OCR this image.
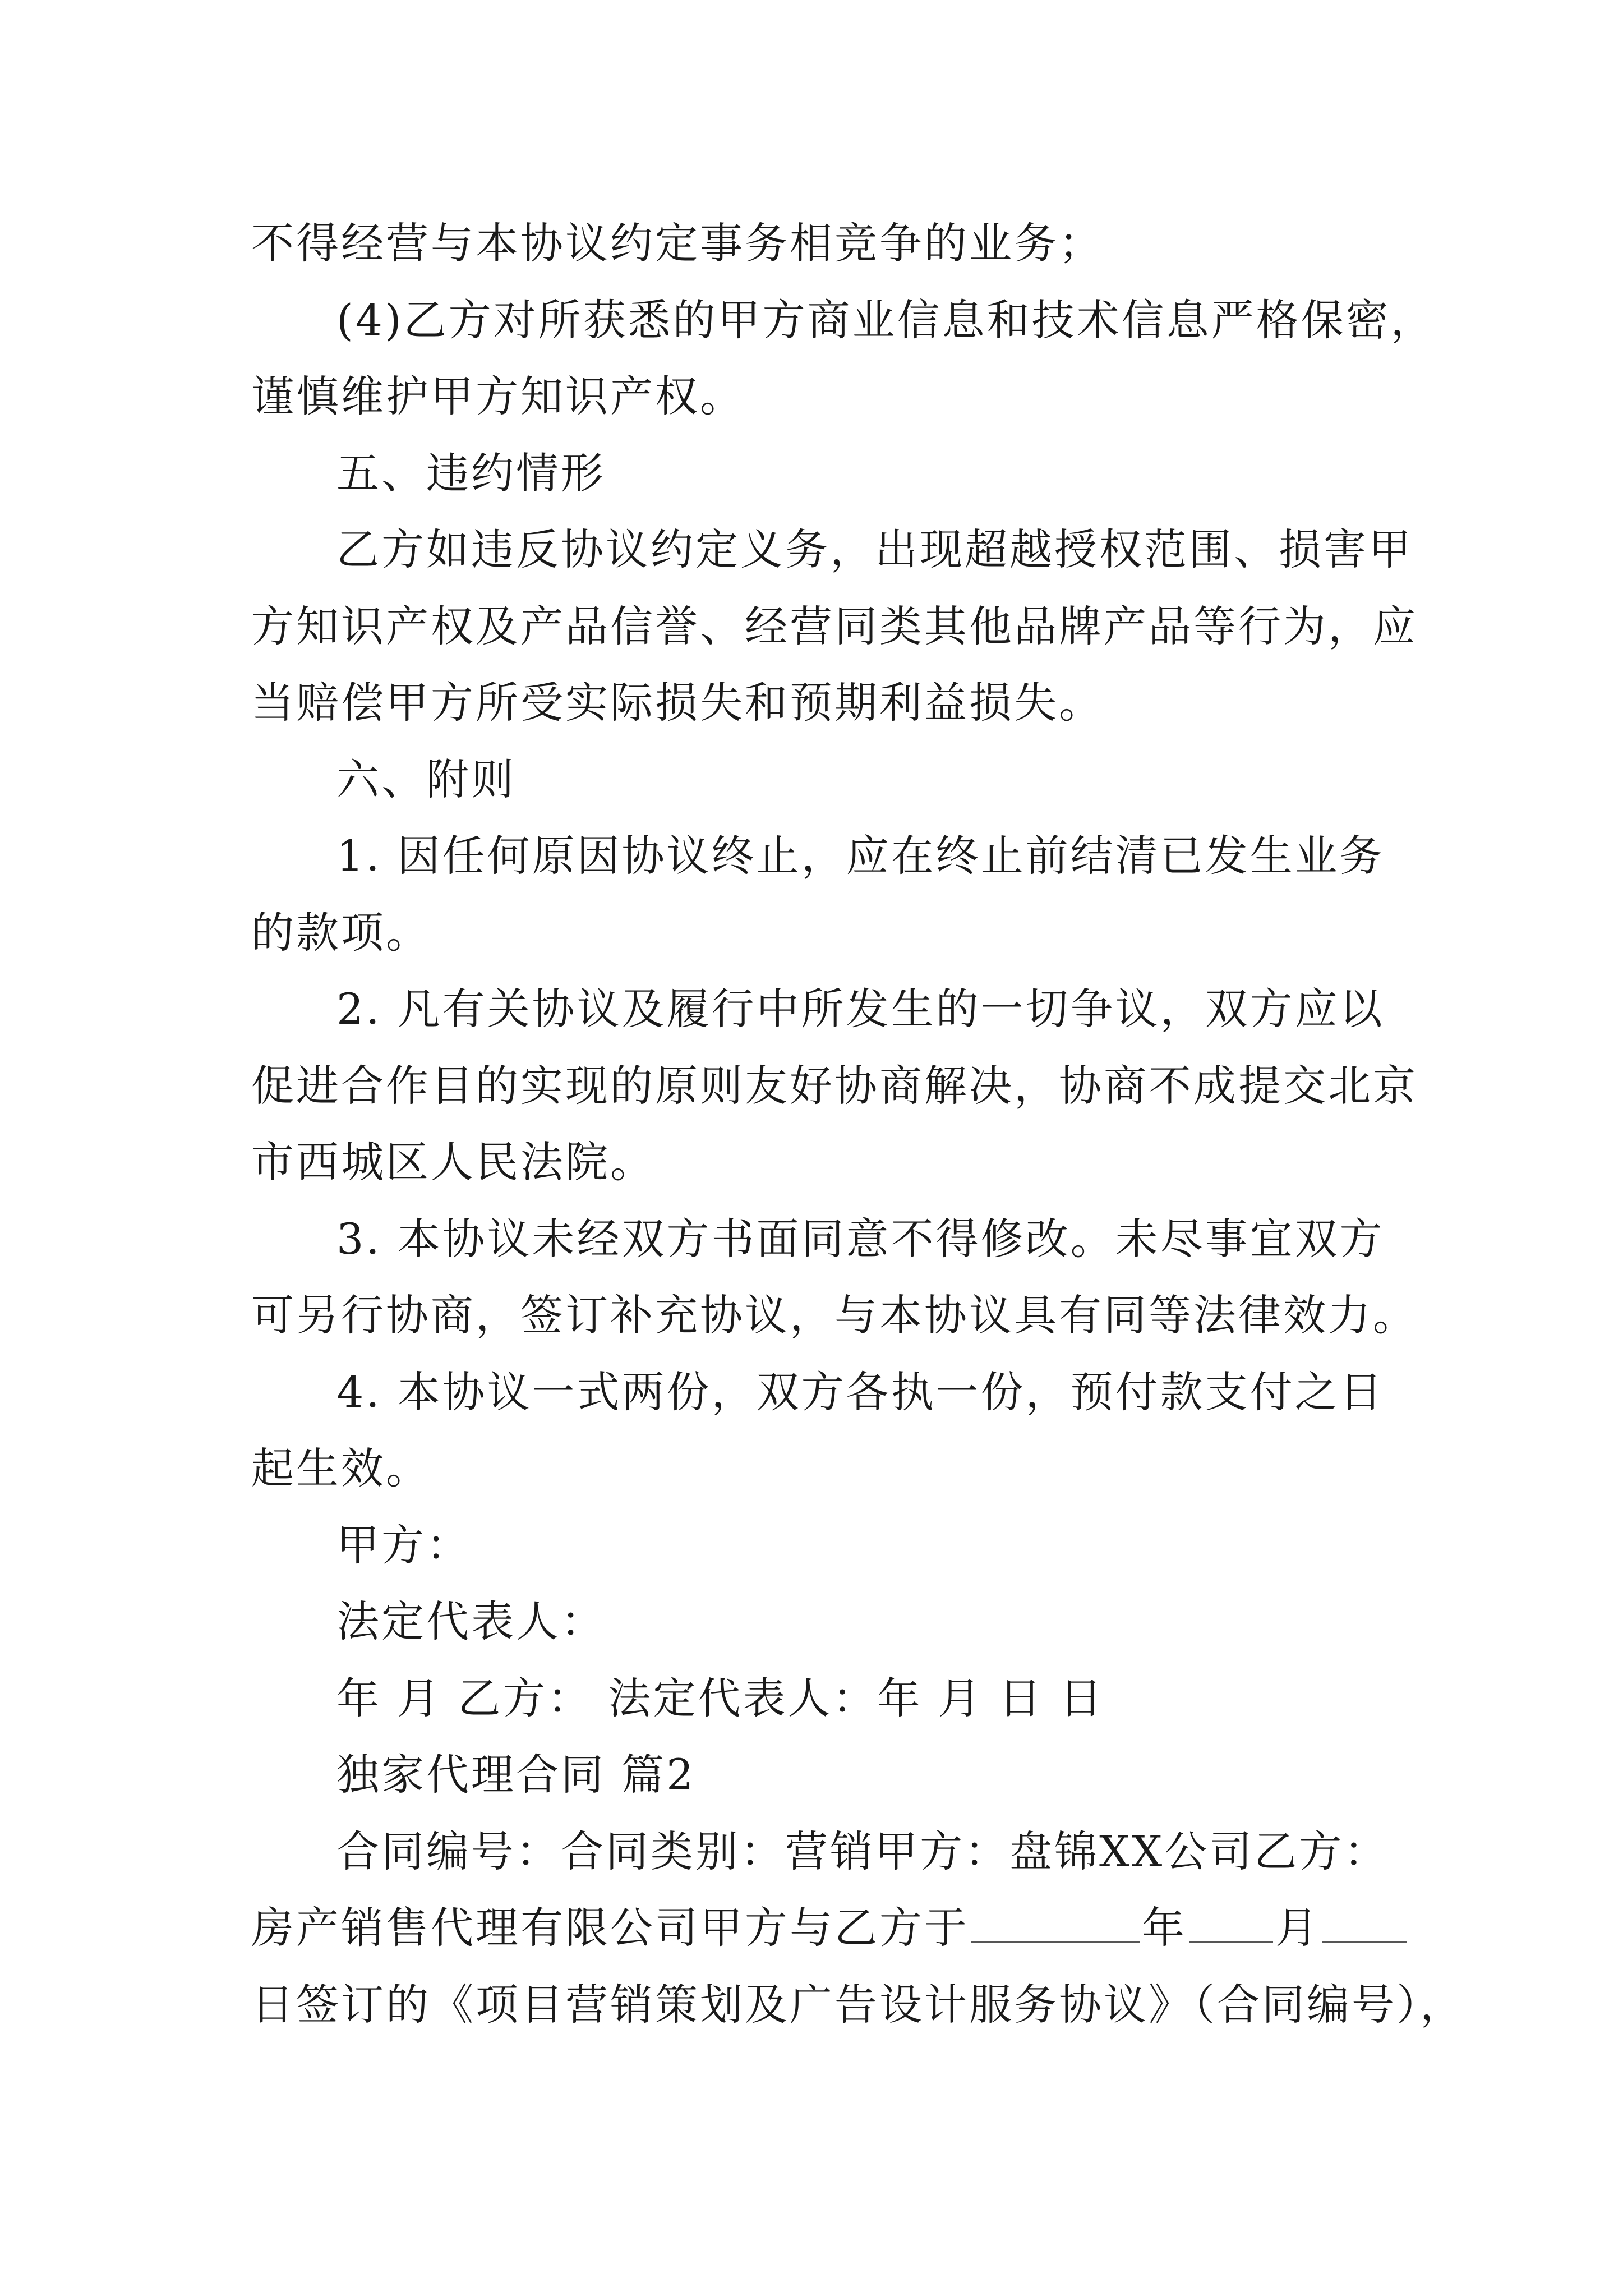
不得经营与本协议约定事务相竞争的业务；
(4)乙方对所获悉的甲方商业信息和技术信息严格保密，
谨慎维护甲方知识产权。
五、违约情形
乙方如违反协议约定义务，出现超越授权范围、损害甲
方知识产权及产品信誉、经营同类其他品牌产品等行为，应
当赔偿甲方所受实际损失和预期利益损失。
六、附则
1. 因任何原因协议终止，应在终止前结清已发生业务
的款项。
2. 凡有关协议及履行中所发生的一切争议，双方应以
促进合作目的实现的原则友好协商解决，协商不成提交北京
市西城区人民法院。
3. 本协议未经双方书面同意不得修改。未尽事宜双方
可另行协商，签订补充协议，与本协议具有同等法律效力。
4. 本协议一式两份，双方各执一份，预付款支付之日
起生效。
甲方：
法定代表人：
年 月 乙方： 法定代表人：年 月 日 日
独家代理合同 篇2
合同编号：合同类别：营销甲方：盘锦XX公司乙方：
房产销售代理有限公司甲方与乙方于	年 月
日签订的《项目营销策划及广告设计服务协议》（合同编号），
